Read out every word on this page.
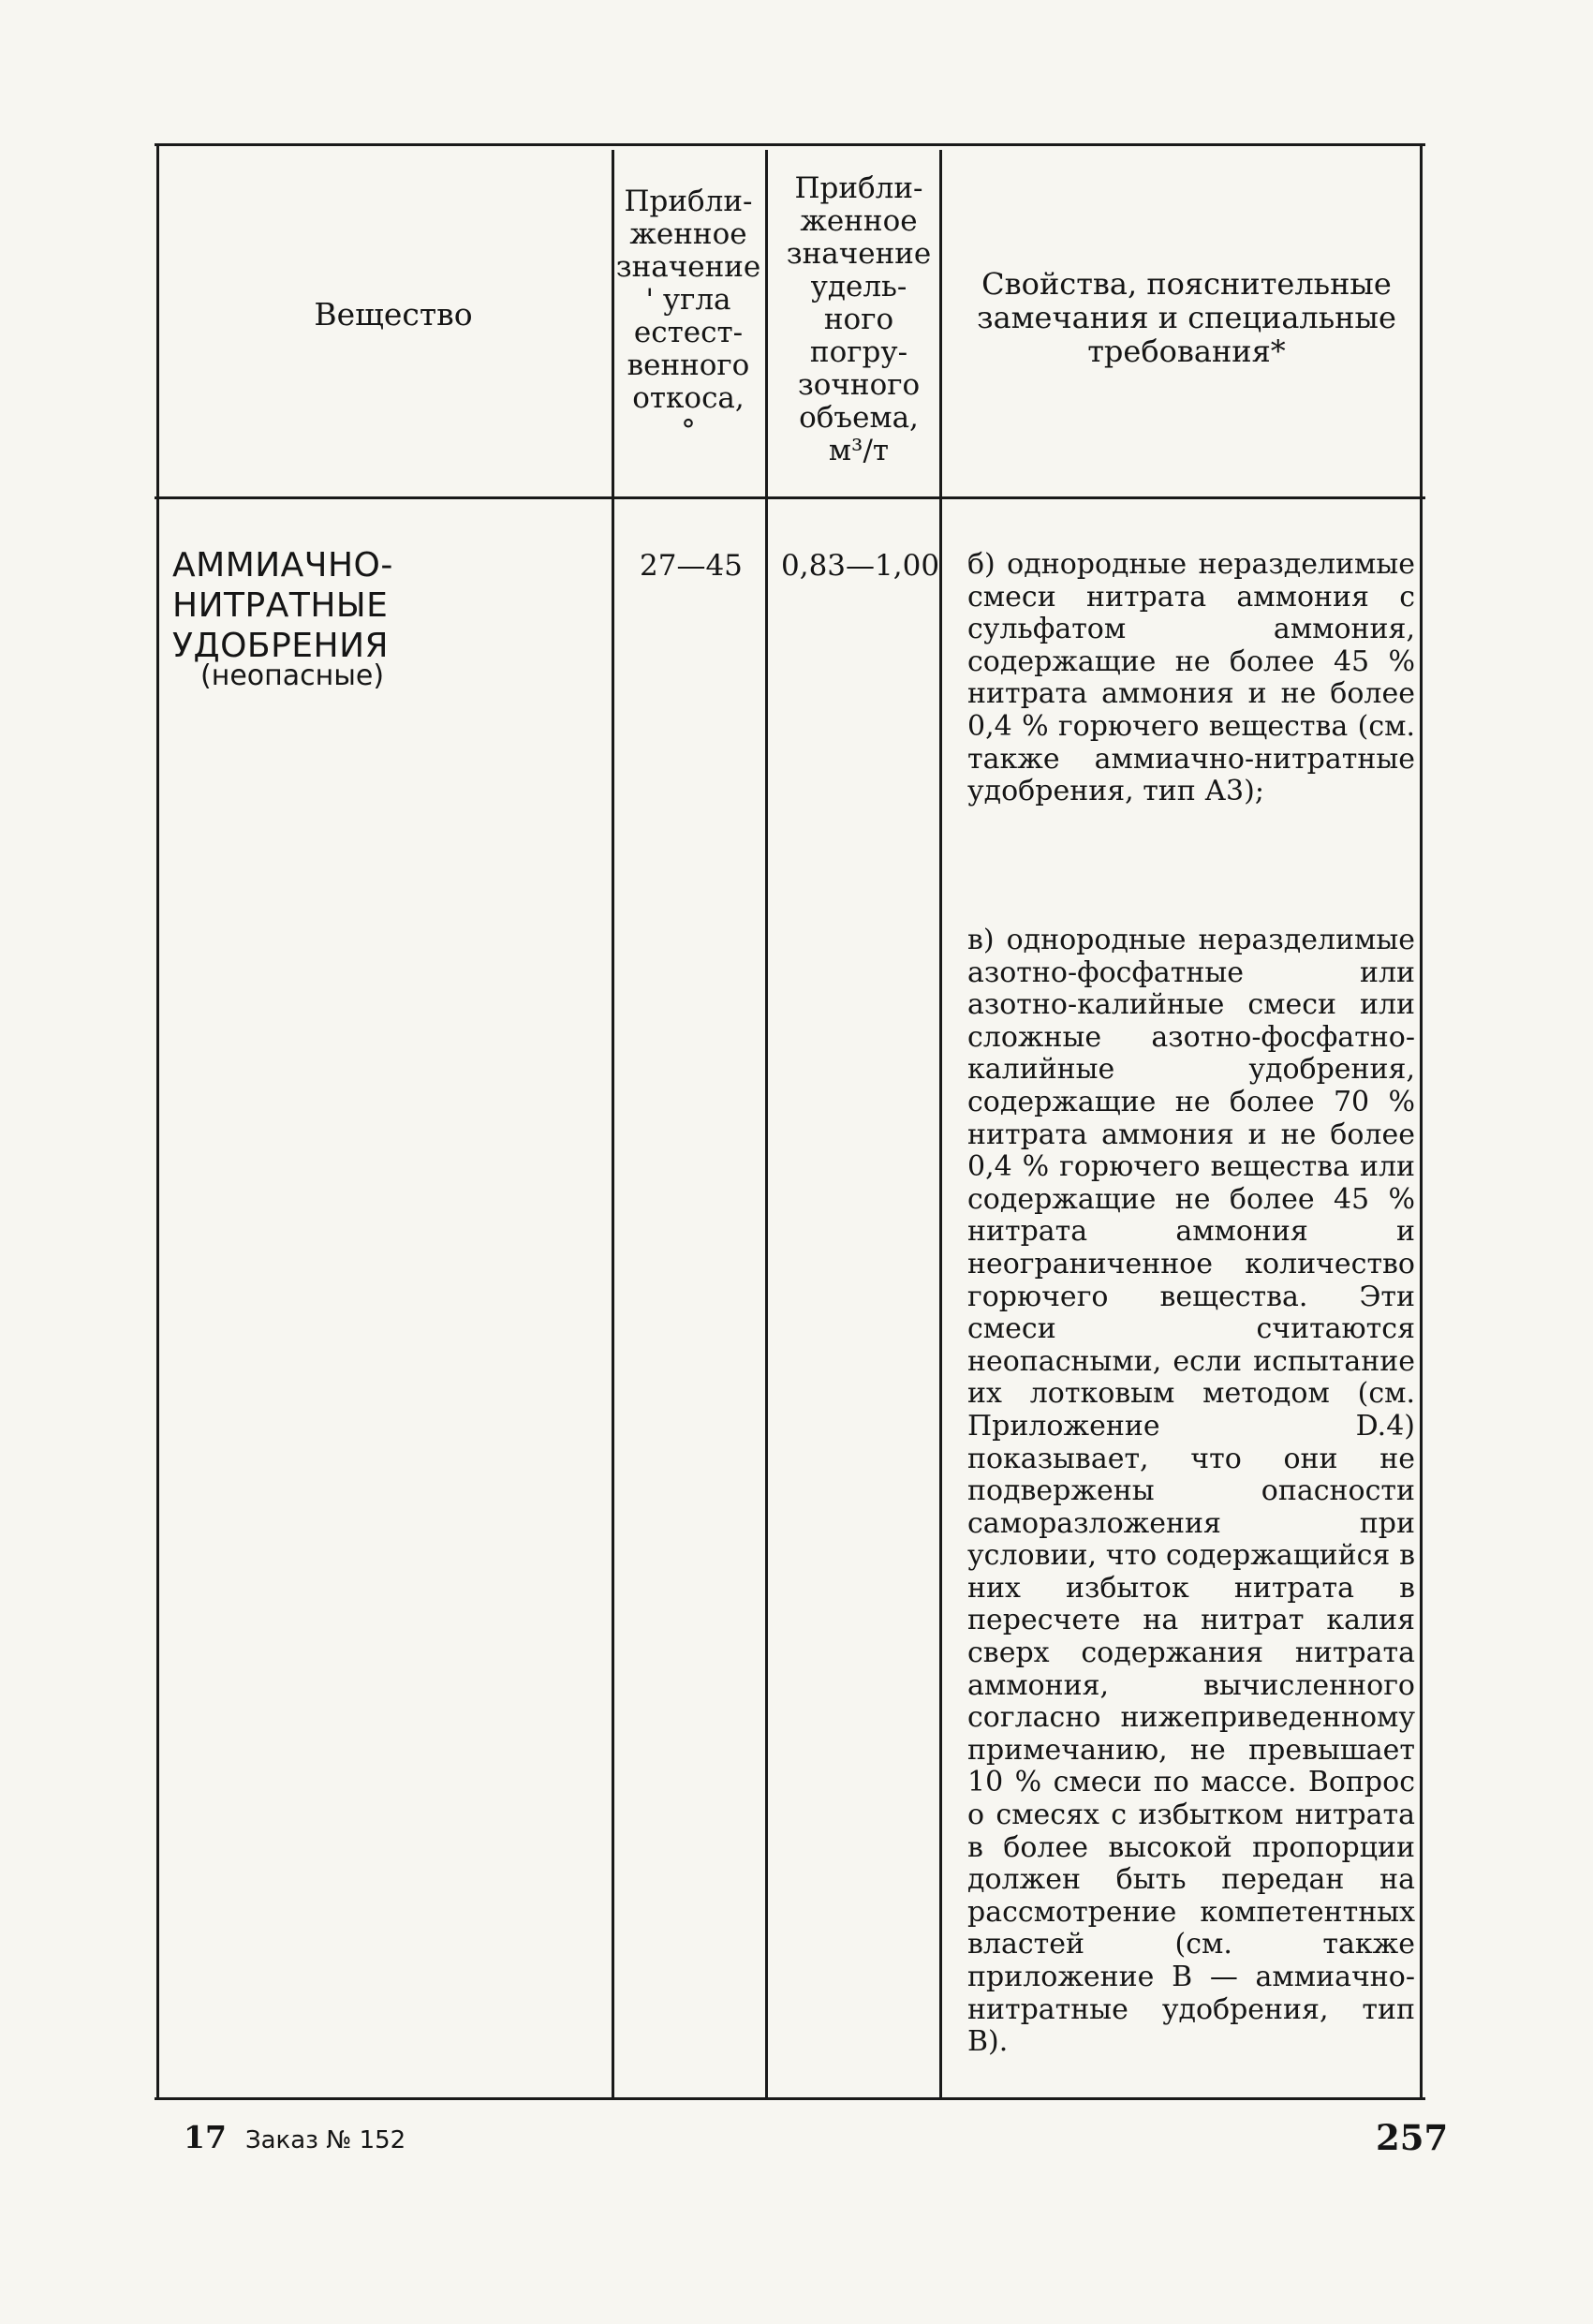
Вещество
Прибли-
женное
значение
' угла
естест-
венного
откоса,
°
Прибли-
женное
значение
удель-
ного
погру-
зочного
объема,
м³/т
Свойства, пояснительные
замечания и специальные
требования*
АММИАЧНО-
НИТРАТНЫЕ
УДОБРЕНИЯ
(неопасные)
27—45 0,83—1,00 б) однородные неразделимые смеси нитрата аммония с сульфатом аммония, содержащие не более 45 % нитрата аммония и не более 0,4 % горючего вещества (см. также аммиачно-нитратные удобрения, тип А3);
в) однородные неразделимые азотно-фосфатные или азотно-калийные смеси или сложные азотно-фосфатно-калийные удобрения, содержащие не более 70 % нитрата аммония и не более 0,4 % горючего вещества или содержащие не более 45 % нитрата аммония и неограниченное количество горючего вещества. Эти смеси считаются неопасными, если испытание их лотковым методом (см. Приложение D.4) показывает, что они не подвержены опасности саморазложения при условии, что содержащийся в них избыток нитрата в пересчете на нитрат калия сверх содержания нитрата аммония, вычисленного согласно нижеприведенному примечанию, не превышает 10 % смеси по массе. Вопрос о смесях с избытком нитрата в более высокой пропорции должен быть передан на рассмотрение компетентных властей (см. также приложение В — аммиачно-нитратные удобрения, тип В).
17 Заказ № 152	257
